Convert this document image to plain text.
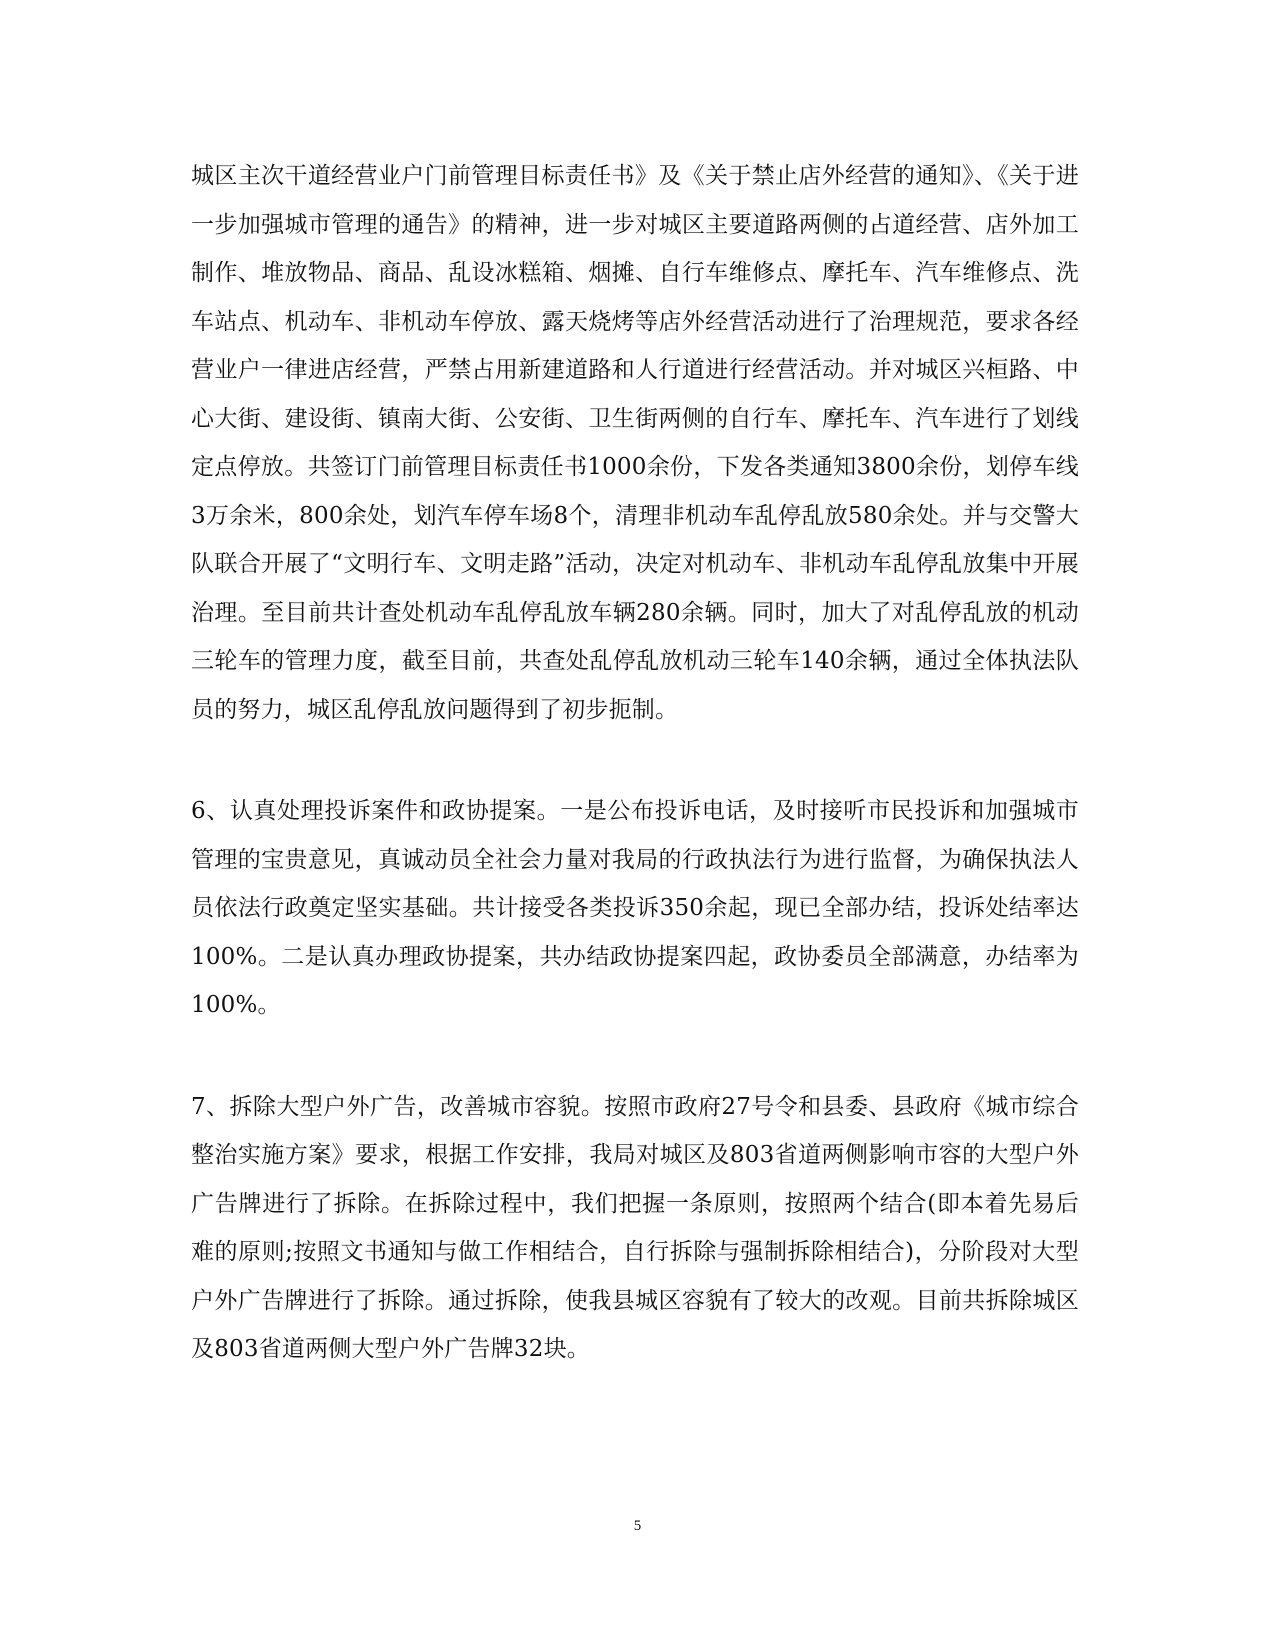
城区主次干道经营业户门前管理目标责任书》及《关于禁止店外经营的通知》、《关于进一步加强城市管理的通告》的精神，进一步对城区主要道路两侧的占道经营、店外加工制作、堆放物品、商品、乱设冰糕箱、烟摊、自行车维修点、摩托车、汽车维修点、洗车站点、机动车、非机动车停放、露天烧烤等店外经营活动进行了治理规范，要求各经营业户一律进店经营，严禁占用新建道路和人行道进行经营活动。并对城区兴桓路、中心大街、建设街、镇南大街、公安街、卫生街两侧的自行车、摩托车、汽车进行了划线定点停放。共签订门前管理目标责任书1000余份，下发各类通知3800余份，划停车线3万余米，800余处，划汽车停车场8个，清理非机动车乱停乱放580余处。并与交警大队联合开展了“文明行车、文明走路”活动，决定对机动车、非机动车乱停乱放集中开展治理。至目前共计查处机动车乱停乱放车辆280余辆。同时，加大了对乱停乱放的机动三轮车的管理力度，截至目前，共查处乱停乱放机动三轮车140余辆，通过全体执法队员的努力，城区乱停乱放问题得到了初步扼制。

6、认真处理投诉案件和政协提案。一是公布投诉电话，及时接听市民投诉和加强城市管理的宝贵意见，真诚动员全社会力量对我局的行政执法行为进行监督，为确保执法人员依法行政奠定坚实基础。共计接受各类投诉350余起，现已全部办结，投诉处结率达100%。二是认真办理政协提案，共办结政协提案四起，政协委员全部满意，办结率为100%。

7、拆除大型户外广告，改善城市容貌。按照市政府27号令和县委、县政府《城市综合整治实施方案》要求，根据工作安排，我局对城区及803省道两侧影响市容的大型户外广告牌进行了拆除。在拆除过程中，我们把握一条原则，按照两个结合(即本着先易后难的原则;按照文书通知与做工作相结合，自行拆除与强制拆除相结合)，分阶段对大型户外广告牌进行了拆除。通过拆除，使我县城区容貌有了较大的改观。目前共拆除城区及803省道两侧大型户外广告牌32块。

5
